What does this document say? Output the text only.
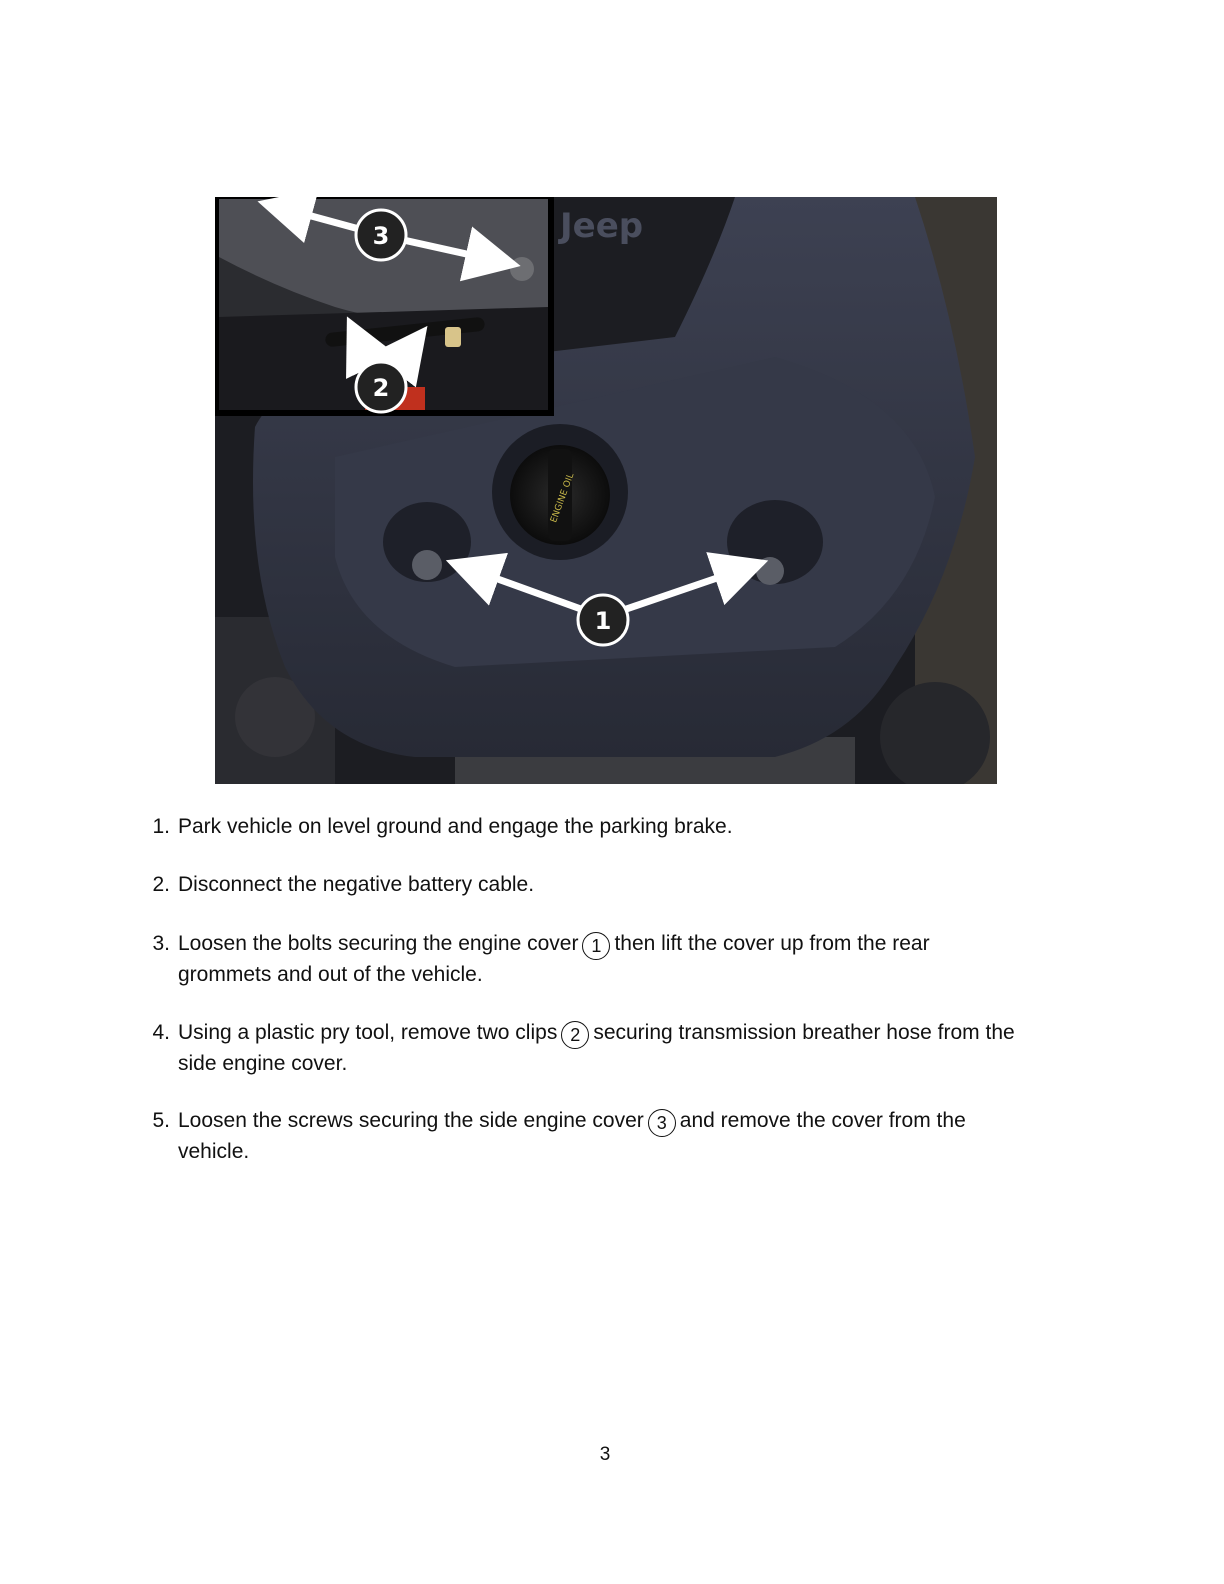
Jeep
ENGINE OIL
1
3
2
1. Park vehicle on level ground and engage the parking brake.
2. Disconnect the negative battery cable.
3. Loosen the bolts securing the engine cover 1 then lift the cover up from the rear
grommets and out of the vehicle.
4. Using a plastic pry tool, remove two clips 2 securing transmission breather hose from the
side engine cover.
5. Loosen the screws securing the side engine cover 3 and remove the cover from the
vehicle.
3
